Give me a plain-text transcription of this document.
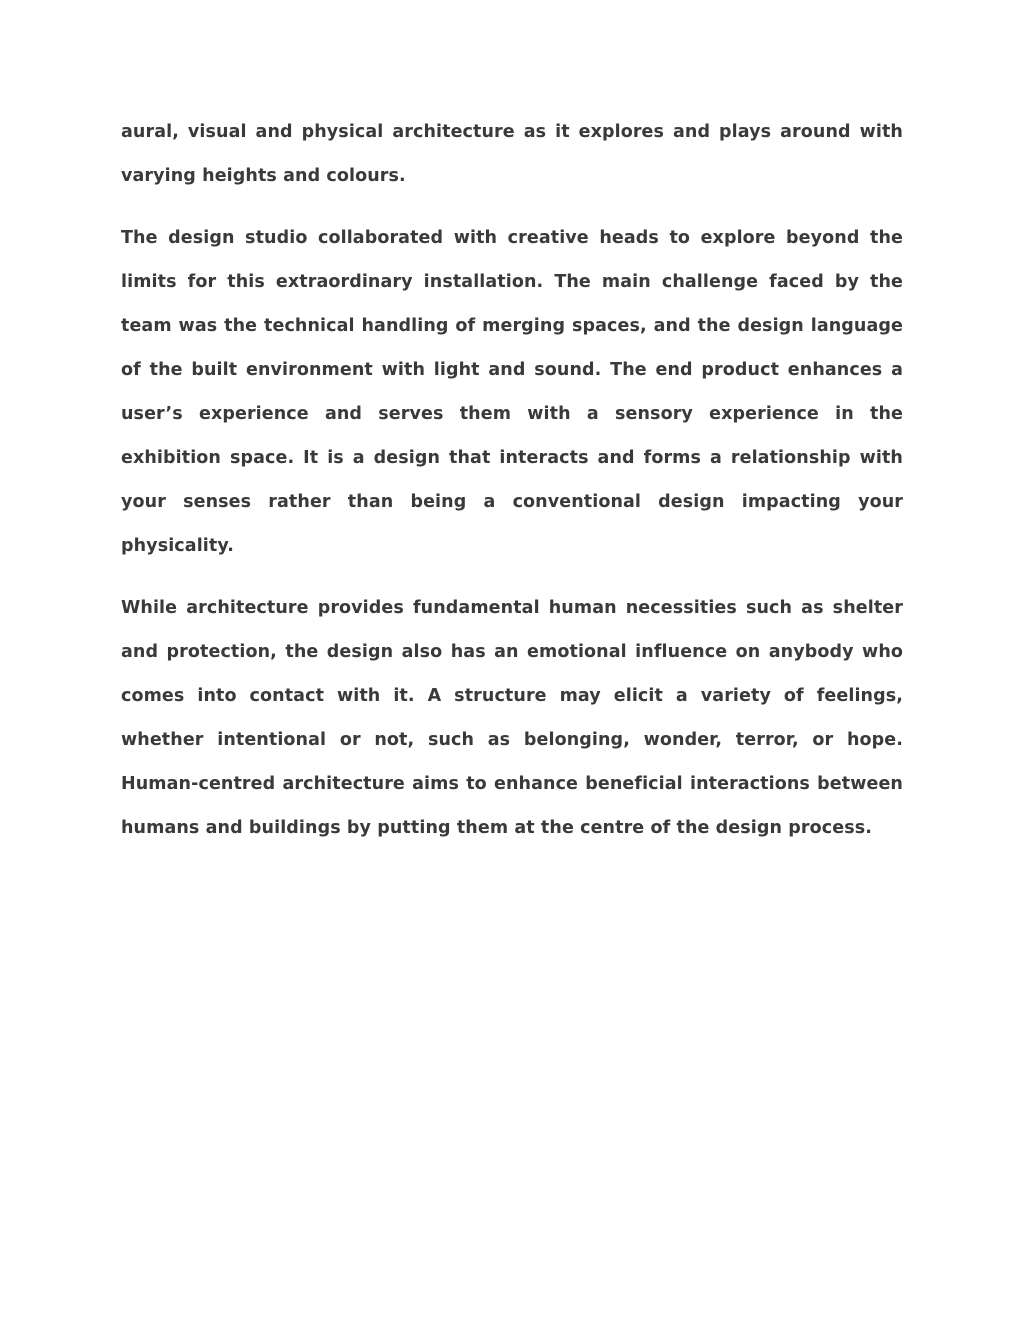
aural, visual and physical architecture as it explores and plays around with varying heights and colours.

The design studio collaborated with creative heads to explore beyond the limits for this extraordinary installation. The main challenge faced by the team was the technical handling of merging spaces, and the design language of the built environment with light and sound. The end product enhances a user’s experience and serves them with a sensory experience in the exhibition space. It is a design that interacts and forms a relationship with your senses rather than being a conventional design impacting your physicality.

While architecture provides fundamental human necessities such as shelter and protection, the design also has an emotional influence on anybody who comes into contact with it. A structure may elicit a variety of feelings, whether intentional or not, such as belonging, wonder, terror, or hope. Human-centred architecture aims to enhance beneficial interactions between humans and buildings by putting them at the centre of the design process.
